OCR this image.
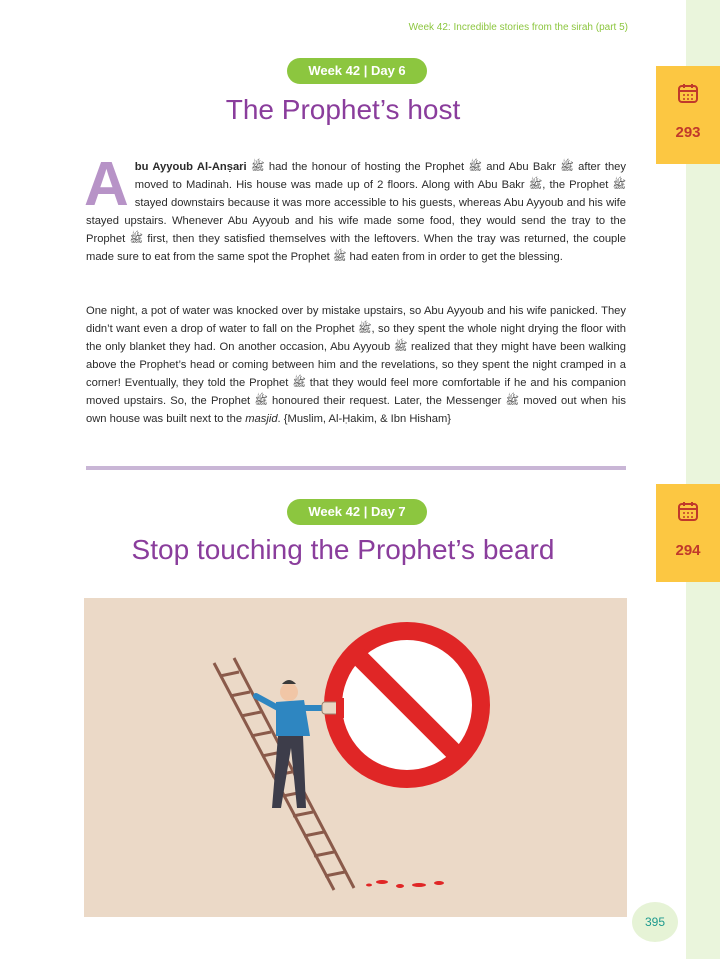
Week 42: Incredible stories from the sirah (part 5)
Week 42 | Day 6
The Prophet’s host
293
Abu Ayyoub Al-Anṣari ﷺ had the honour of hosting the Prophet ﷺ and Abu Bakr ﷺ after they moved to Madinah. His house was made up of 2 floors. Along with Abu Bakr ﷺ, the Prophet ﷺ stayed downstairs because it was more accessible to his guests, whereas Abu Ayyoub and his wife stayed upstairs. Whenever Abu Ayyoub and his wife made some food, they would send the tray to the Prophet ﷺ first, then they satisfied themselves with the leftovers. When the tray was returned, the couple made sure to eat from the same spot the Prophet ﷺ had eaten from in order to get the blessing.
One night, a pot of water was knocked over by mistake upstairs, so Abu Ayyoub and his wife panicked. They didn’t want even a drop of water to fall on the Prophet ﷺ, so they spent the whole night drying the floor with the only blanket they had. On another occasion, Abu Ayyoub ﷺ realized that they might have been walking above the Prophet’s head or coming between him and the revelations, so they spent the night cramped in a corner! Eventually, they told the Prophet ﷺ that they would feel more comfortable if he and his companion moved upstairs. So, the Prophet ﷺ honoured their request. Later, the Messenger ﷺ moved out when his own house was built next to the masjid. {Muslim, Al-Ḥakim, & Ibn Hisham}
Week 42 | Day 7
Stop touching the Prophet’s beard	294
395
